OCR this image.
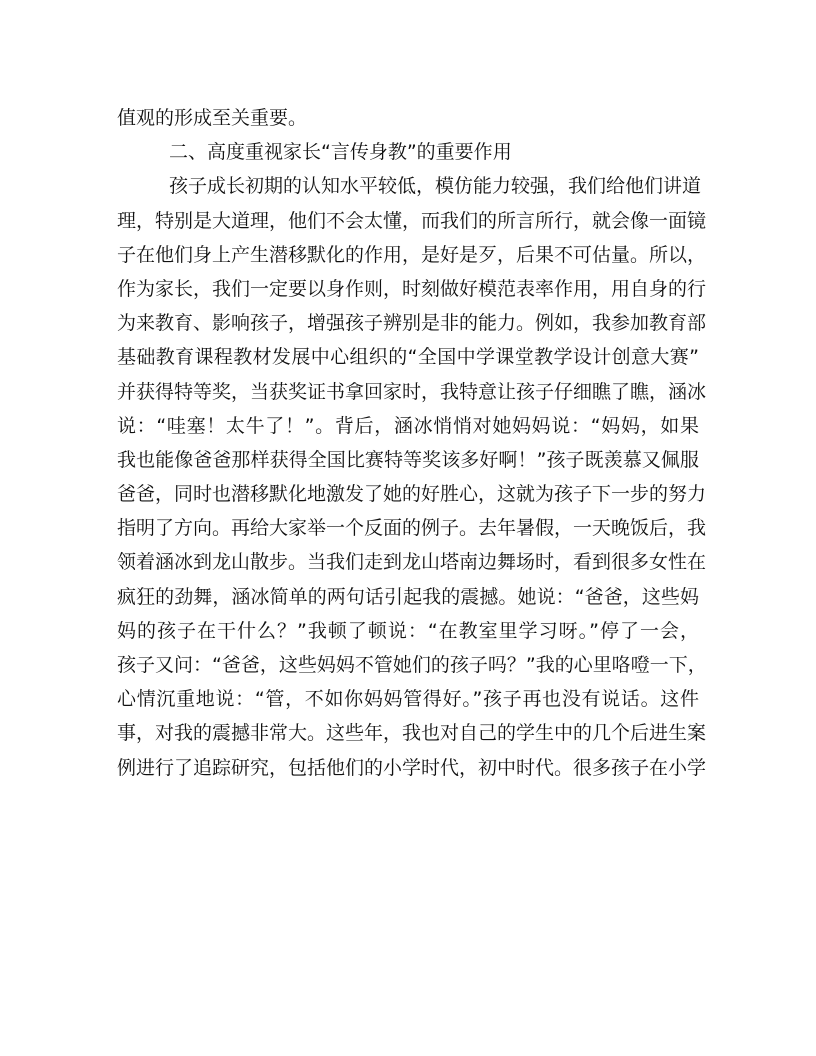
值观的形成至关重要。
二、高度重视家长“言传身教”的重要作用
孩子成长初期的认知水平较低，模仿能力较强，我们给他们讲道
理，特别是大道理，他们不会太懂，而我们的所言所行，就会像一面镜
子在他们身上产生潜移默化的作用，是好是歹，后果不可估量。所以，
作为家长，我们一定要以身作则，时刻做好模范表率作用，用自身的行
为来教育、影响孩子，增强孩子辨别是非的能力。例如，我参加教育部
基础教育课程教材发展中心组织的“全国中学课堂教学设计创意大赛”
并获得特等奖，当获奖证书拿回家时，我特意让孩子仔细瞧了瞧，涵冰
说：“哇塞！太牛了！”。背后，涵冰悄悄对她妈妈说：“妈妈，如果
我也能像爸爸那样获得全国比赛特等奖该多好啊！”孩子既羡慕又佩服
爸爸，同时也潜移默化地激发了她的好胜心，这就为孩子下一步的努力
指明了方向。再给大家举一个反面的例子。去年暑假，一天晚饭后，我
领着涵冰到龙山散步。当我们走到龙山塔南边舞场时，看到很多女性在
疯狂的劲舞，涵冰简单的两句话引起我的震撼。她说：“爸爸，这些妈
妈的孩子在干什么？”我顿了顿说：“在教室里学习呀。”停了一会，
孩子又问：“爸爸，这些妈妈不管她们的孩子吗？”我的心里咯噔一下，
心情沉重地说：“管，不如你妈妈管得好。”孩子再也没有说话。这件
事，对我的震撼非常大。这些年，我也对自己的学生中的几个后进生案
例进行了追踪研究，包括他们的小学时代，初中时代。很多孩子在小学
